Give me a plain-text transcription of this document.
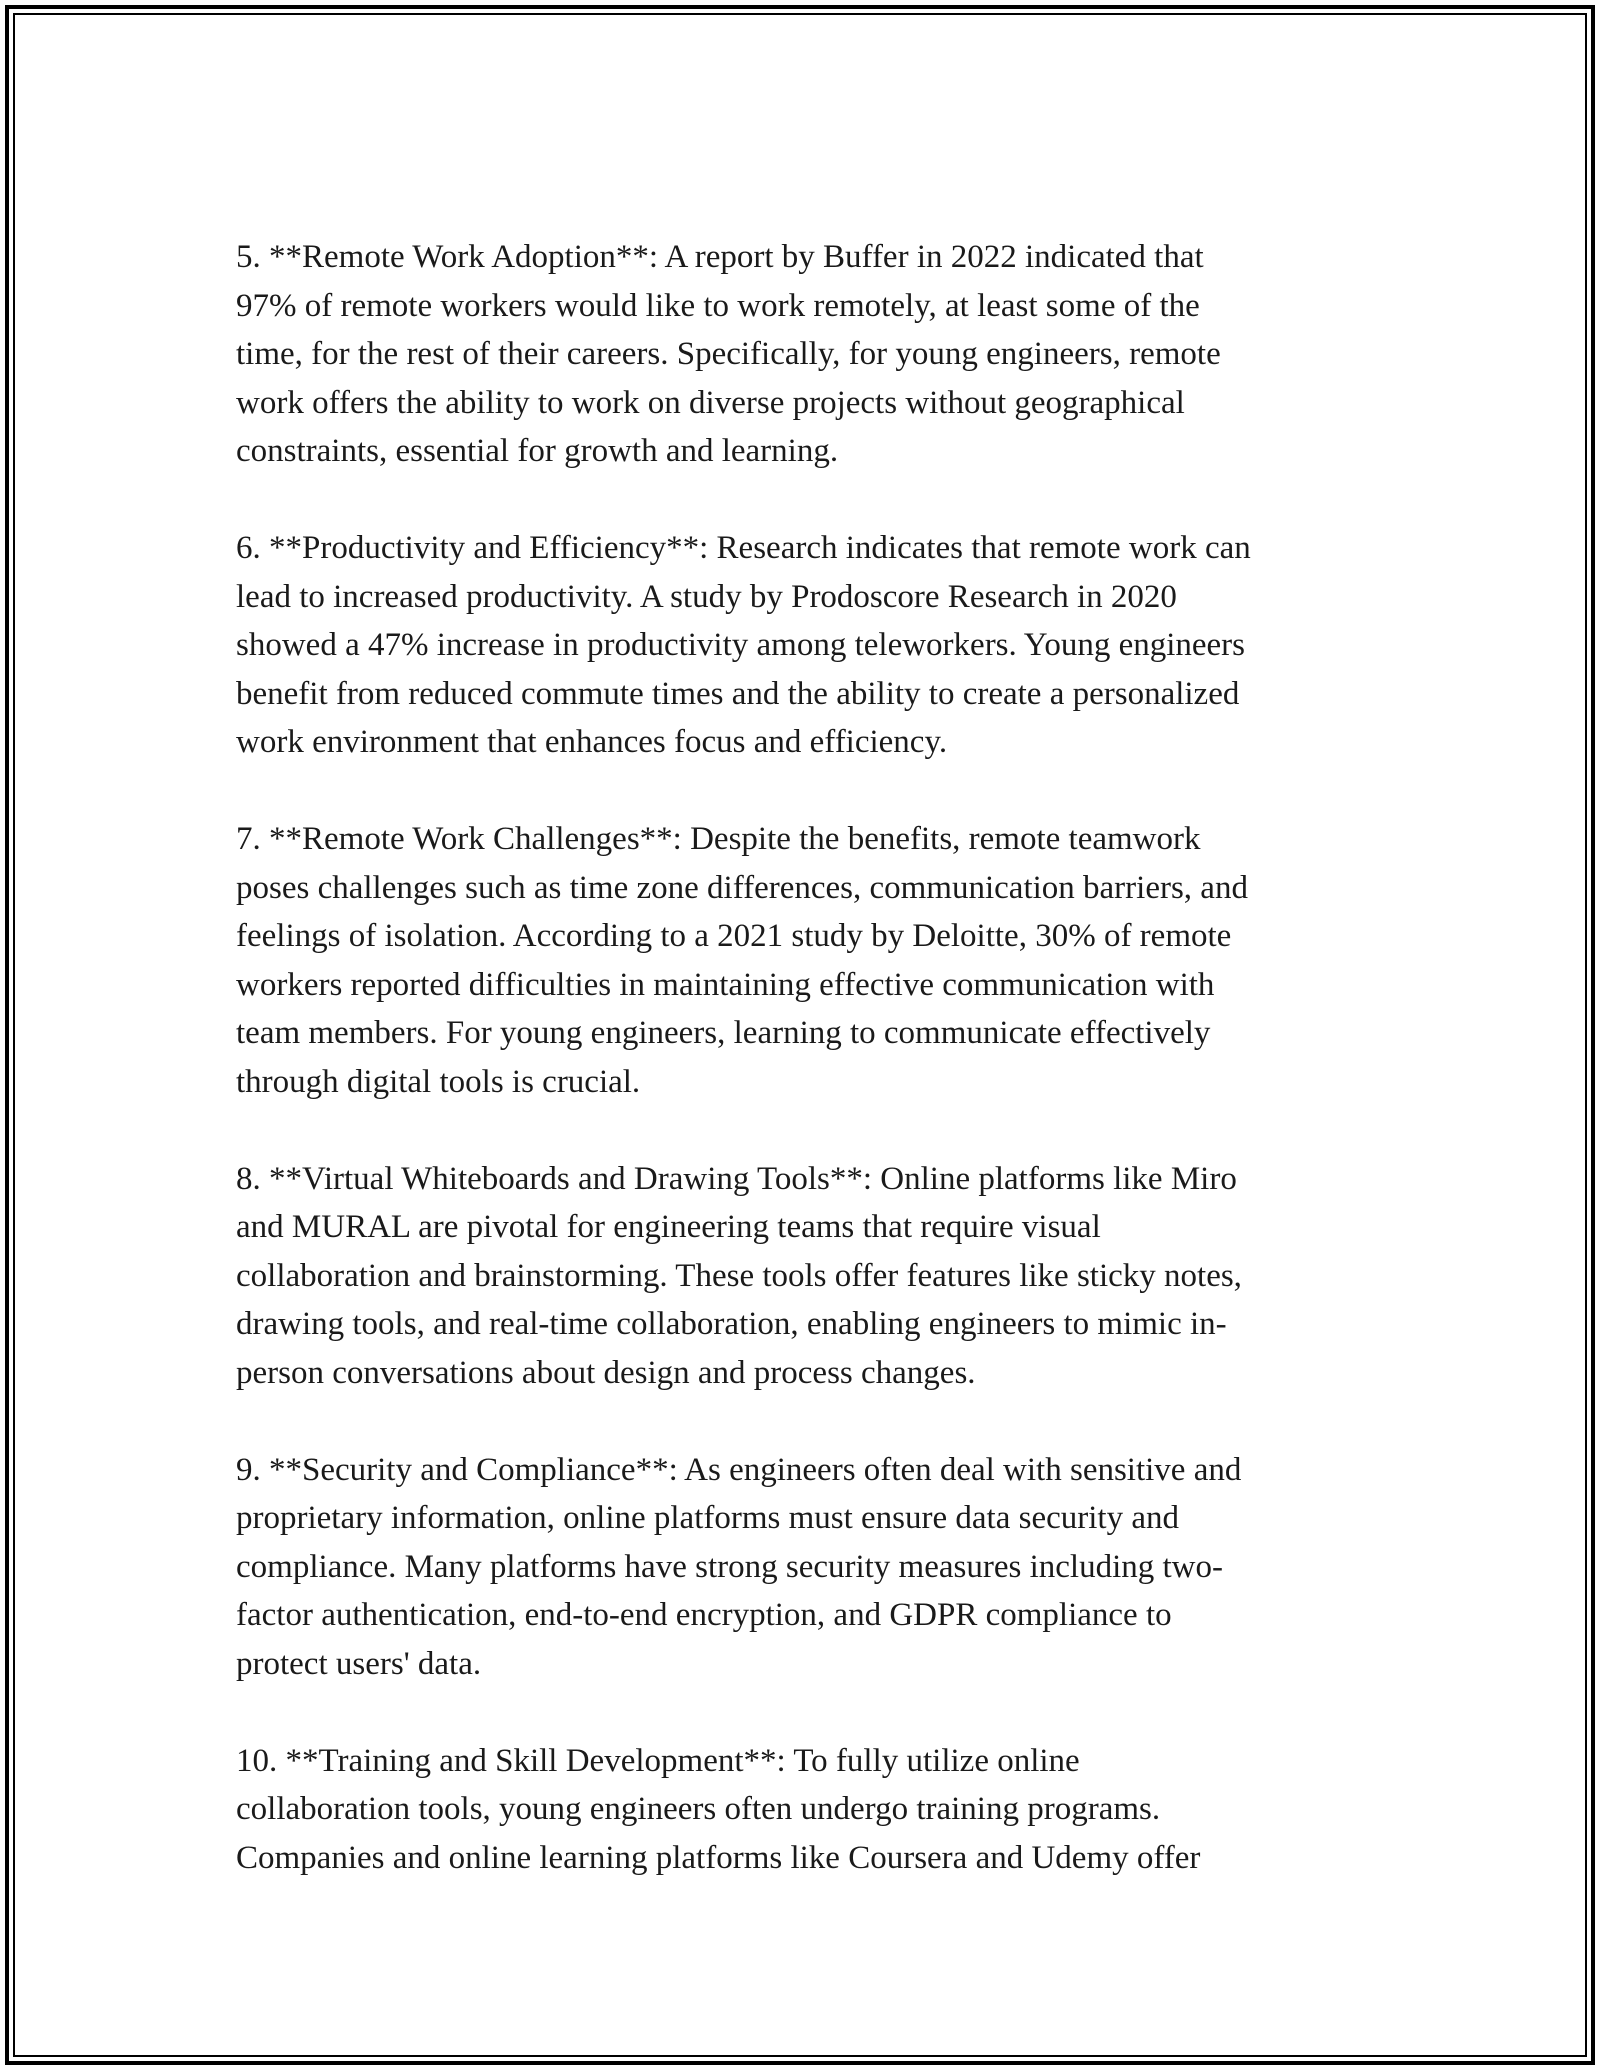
5. **Remote Work Adoption**: A report by Buffer in 2022 indicated that
97% of remote workers would like to work remotely, at least some of the
time, for the rest of their careers. Specifically, for young engineers, remote
work offers the ability to work on diverse projects without geographical
constraints, essential for growth and learning.

6. **Productivity and Efficiency**: Research indicates that remote work can
lead to increased productivity. A study by Prodoscore Research in 2020
showed a 47% increase in productivity among teleworkers. Young engineers
benefit from reduced commute times and the ability to create a personalized
work environment that enhances focus and efficiency.

7. **Remote Work Challenges**: Despite the benefits, remote teamwork
poses challenges such as time zone differences, communication barriers, and
feelings of isolation. According to a 2021 study by Deloitte, 30% of remote
workers reported difficulties in maintaining effective communication with
team members. For young engineers, learning to communicate effectively
through digital tools is crucial.

8. **Virtual Whiteboards and Drawing Tools**: Online platforms like Miro
and MURAL are pivotal for engineering teams that require visual
collaboration and brainstorming. These tools offer features like sticky notes,
drawing tools, and real-time collaboration, enabling engineers to mimic in-
person conversations about design and process changes.

9. **Security and Compliance**: As engineers often deal with sensitive and
proprietary information, online platforms must ensure data security and
compliance. Many platforms have strong security measures including two-
factor authentication, end-to-end encryption, and GDPR compliance to
protect users' data.

10. **Training and Skill Development**: To fully utilize online
collaboration tools, young engineers often undergo training programs.
Companies and online learning platforms like Coursera and Udemy offer
